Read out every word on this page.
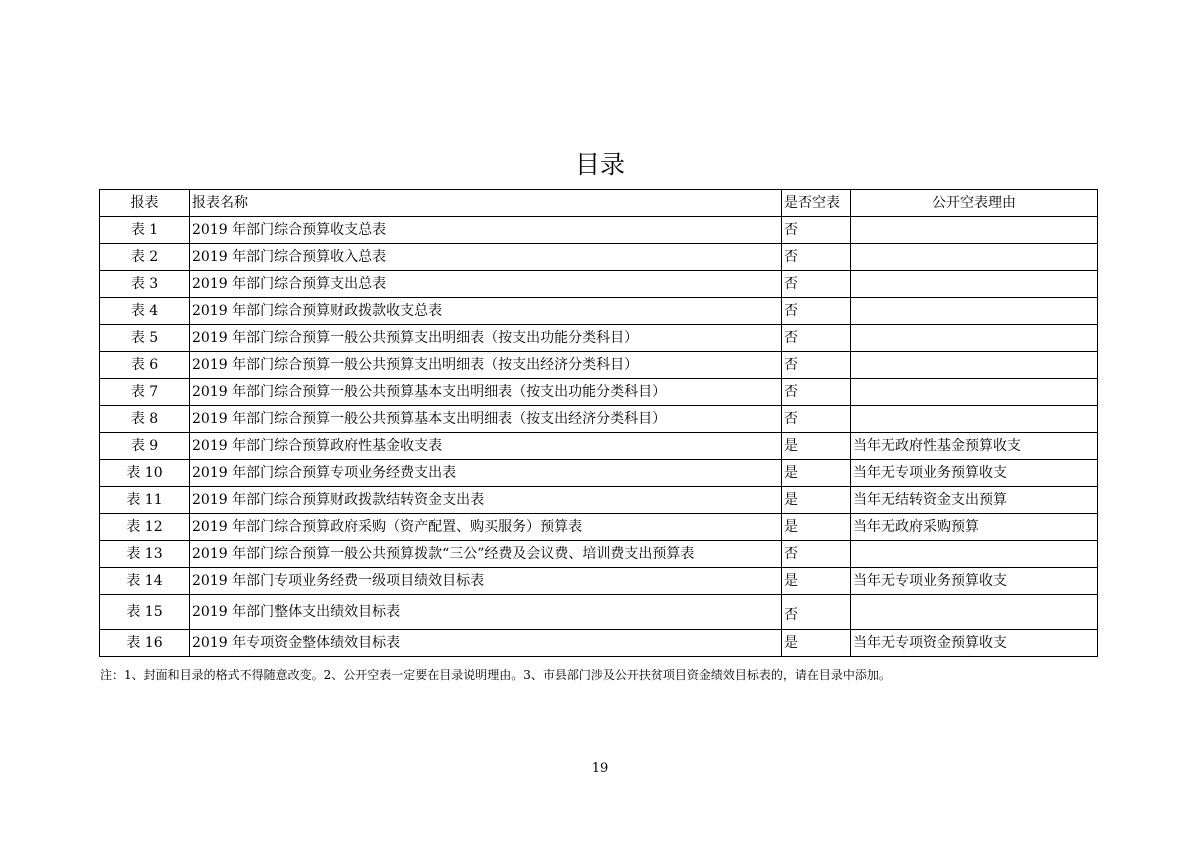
目录
报表	报表名称	是否空表	公开空表理由
表 1	2019 年部门综合预算收支总表	否	
表 2	2019 年部门综合预算收入总表	否	
表 3	2019 年部门综合预算支出总表	否	
表 4	2019 年部门综合预算财政拨款收支总表	否	
表 5	2019 年部门综合预算一般公共预算支出明细表（按支出功能分类科目）	否	
表 6	2019 年部门综合预算一般公共预算支出明细表（按支出经济分类科目）	否	
表 7	2019 年部门综合预算一般公共预算基本支出明细表（按支出功能分类科目）	否	
表 8	2019 年部门综合预算一般公共预算基本支出明细表（按支出经济分类科目）	否	
表 9	2019 年部门综合预算政府性基金收支表	是	当年无政府性基金预算收支
表 10	2019 年部门综合预算专项业务经费支出表	是	当年无专项业务预算收支
表 11	2019 年部门综合预算财政拨款结转资金支出表	是	当年无结转资金支出预算
表 12	2019 年部门综合预算政府采购（资产配置、购买服务）预算表	是	当年无政府采购预算
表 13	2019 年部门综合预算一般公共预算拨款“三公”经费及会议费、培训费支出预算表	否	
表 14	2019 年部门专项业务经费一级项目绩效目标表	是	当年无专项业务预算收支
表 15	2019 年部门整体支出绩效目标表	否	
表 16	2019 年专项资金整体绩效目标表	是	当年无专项资金预算收支
注：1、封面和目录的格式不得随意改变。2、公开空表一定要在目录说明理由。3、市县部门涉及公开扶贫项目资金绩效目标表的，请在目录中添加。
19
